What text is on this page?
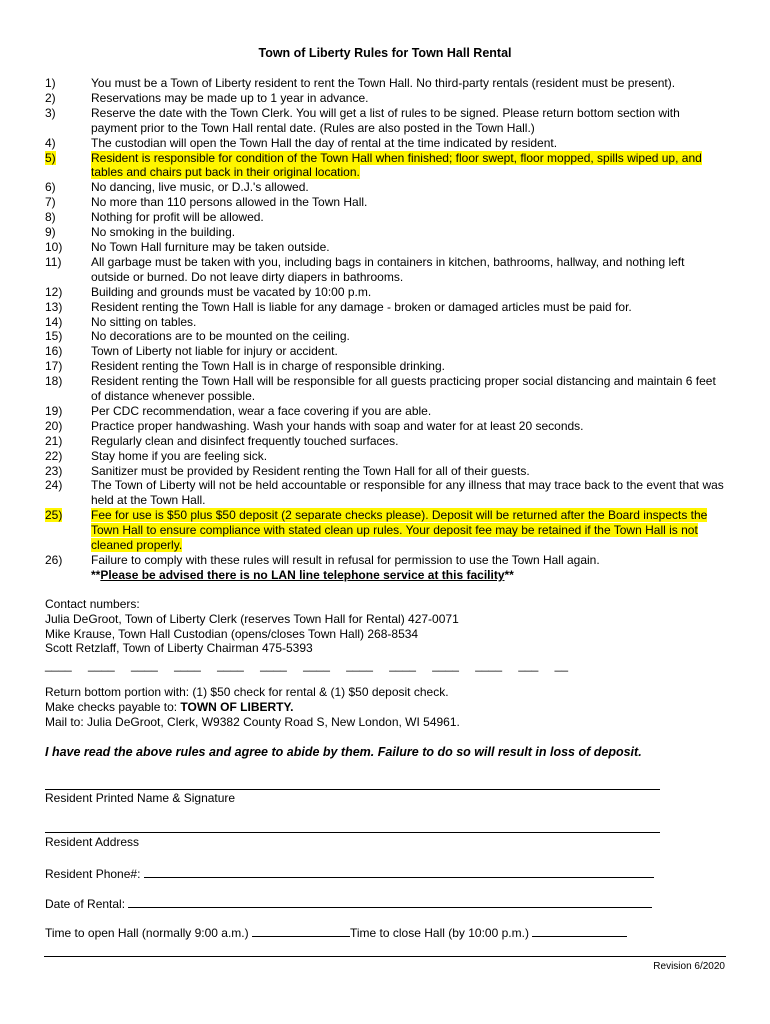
Town of Liberty Rules for Town Hall Rental
1)	You must be a Town of Liberty resident to rent the Town Hall. No third-party rentals (resident must be present).
2)	Reservations may be made up to 1 year in advance.
3)	Reserve the date with the Town Clerk. You will get a list of rules to be signed. Please return bottom section with payment prior to the Town Hall rental date. (Rules are also posted in the Town Hall.)
4)	The custodian will open the Town Hall the day of rental at the time indicated by resident.
5)	Resident is responsible for condition of the Town Hall when finished; floor swept, floor mopped, spills wiped up, and tables and chairs put back in their original location.
6)	No dancing, live music, or D.J.'s allowed.
7)	No more than 110 persons allowed in the Town Hall.
8)	Nothing for profit will be allowed.
9)	No smoking in the building.
10)	No Town Hall furniture may be taken outside.
11)	All garbage must be taken with you, including bags in containers in kitchen, bathrooms, hallway, and nothing left outside or burned. Do not leave dirty diapers in bathrooms.
12)	Building and grounds must be vacated by 10:00 p.m.
13)	Resident renting the Town Hall is liable for any damage - broken or damaged articles must be paid for.
14)	No sitting on tables.
15)	No decorations are to be mounted on the ceiling.
16)	Town of Liberty not liable for injury or accident.
17)	Resident renting the Town Hall is in charge of responsible drinking.
18)	Resident renting the Town Hall will be responsible for all guests practicing proper social distancing and maintain 6 feet of distance whenever possible.
19)	Per CDC recommendation, wear a face covering if you are able.
20)	Practice proper handwashing. Wash your hands with soap and water for at least 20 seconds.
21)	Regularly clean and disinfect frequently touched surfaces.
22)	Stay home if you are feeling sick.
23)	Sanitizer must be provided by Resident renting the Town Hall for all of their guests.
24)	The Town of Liberty will not be held accountable or responsible for any illness that may trace back to the event that was held at the Town Hall.
25)	Fee for use is $50 plus $50 deposit (2 separate checks please). Deposit will be returned after the Board inspects the Town Hall to ensure compliance with stated clean up rules. Your deposit fee may be retained if the Town Hall is not cleaned properly.
26)	Failure to comply with these rules will result in refusal for permission to use the Town Hall again.
**Please be advised there is no LAN line telephone service at this facility**
Contact numbers:
Julia DeGroot, Town of Liberty Clerk (reserves Town Hall for Rental) 427-0071
Mike Krause, Town Hall Custodian (opens/closes Town Hall) 268-8534
Scott Retzlaff, Town of Liberty Chairman 475-5393
____ ____ ____ ____ ____ ____ ____ ____ ____ ____ ____ ___ __
Return bottom portion with: (1) $50 check for rental & (1) $50 deposit check.
Make checks payable to: TOWN OF LIBERTY.
Mail to: Julia DeGroot, Clerk, W9382 County Road S, New London, WI 54961.
I have read the above rules and agree to abide by them. Failure to do so will result in loss of deposit.
Resident Printed Name & Signature
Resident Address
Resident Phone#:
Date of Rental:
Time to open Hall (normally 9:00 a.m.)	Time to close Hall (by 10:00 p.m.)
Revision 6/2020
